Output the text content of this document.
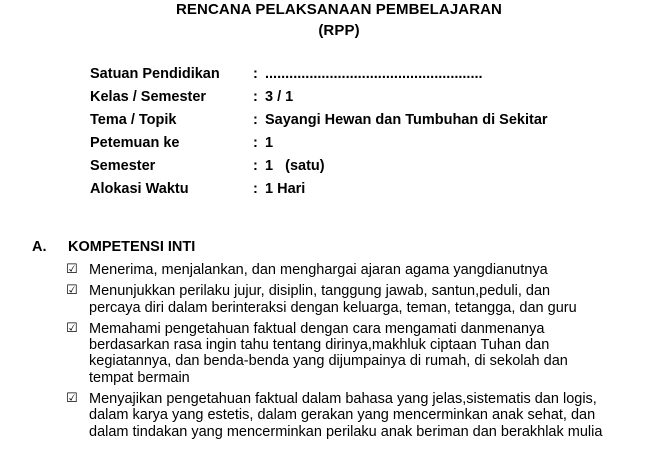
RENCANA PELAKSANAAN PEMBELAJARAN
(RPP)
Satuan Pendidikan : ......................................................
Kelas / Semester	: 3 / 1
Tema / Topik	: Sayangi Hewan dan Tumbuhan di Sekitar
Petemuan ke	: 1
Semester	: 1   (satu)
Alokasi Waktu	: 1 Hari
A. KOMPETENSI INTI
☑ Menerima, menjalankan, dan menghargai ajaran agama yangdianutnya
☑ Menunjukkan perilaku jujur, disiplin, tanggung jawab, santun,peduli, dan
percaya diri dalam berinteraksi dengan keluarga, teman, tetangga, dan guru
☑ Memahami pengetahuan faktual dengan cara mengamati danmenanya
berdasarkan rasa ingin tahu tentang dirinya,makhluk ciptaan Tuhan dan
kegiatannya, dan benda-benda yang dijumpainya di rumah, di sekolah dan
tempat bermain
☑ Menyajikan pengetahuan faktual dalam bahasa yang jelas,sistematis dan logis,
dalam karya yang estetis, dalam gerakan yang mencerminkan anak sehat, dan
dalam tindakan yang mencerminkan perilaku anak beriman dan berakhlak mulia
